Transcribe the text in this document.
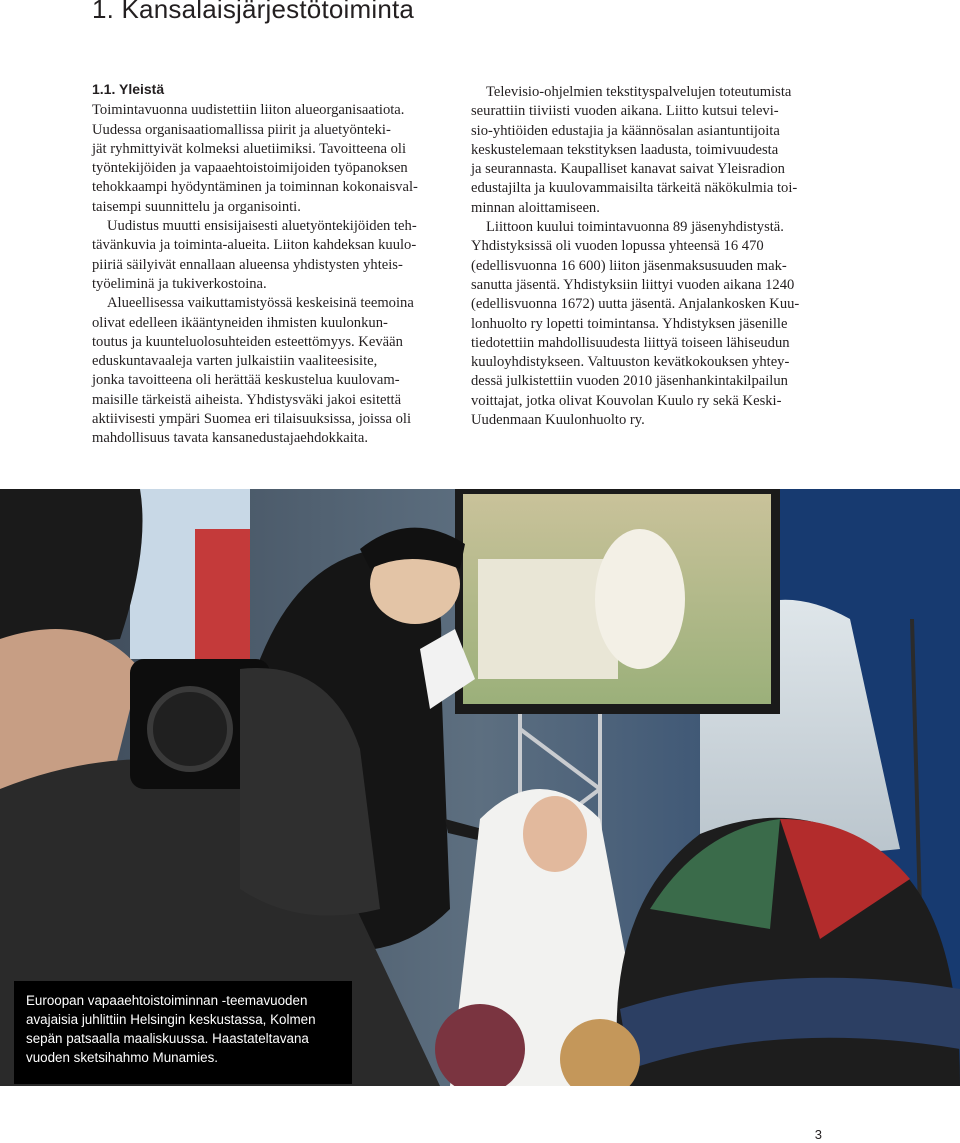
1. Kansalaisjärjestötoiminta
1.1. Yleistä
Toimintavuonna uudistettiin liiton alueorganisaatiota.
Uudessa organisaatiomallissa piirit ja aluetyönteki-
jät ryhmittyivät kolmeksi aluetiimiksi. Tavoitteena oli
työntekijöiden ja vapaaehtoistoimijoiden työpanoksen
tehokkaampi hyödyntäminen ja toiminnan kokonaisval-
taisempi suunnittelu ja organisointi.
Uudistus muutti ensisijaisesti aluetyöntekijöiden teh-
tävänkuvia ja toiminta-alueita. Liiton kahdeksan kuulo-
piiriä säilyivät ennallaan alueensa yhdistysten yhteis-
työeliminä ja tukiverkostoina.
Alueellisessa vaikuttamistyössä keskeisinä teemoina
olivat edelleen ikääntyneiden ihmisten kuulonkun-
toutus ja kuunteluolosuhteiden esteettömyys. Kevään
eduskuntavaaleja varten julkaistiin vaaliteesisite,
jonka tavoitteena oli herättää keskustelua kuulovam-
maisille tärkeistä aiheista. Yhdistysväki jakoi esitettä
aktiivisesti ympäri Suomea eri tilaisuuksissa, joissa oli
mahdollisuus tavata kansanedustajaehdokkaita.
Televisio-ohjelmien tekstityspalvelujen toteutumista
seurattiin tiiviisti vuoden aikana. Liitto kutsui televi-
sio-yhtiöiden edustajia ja käännösalan asiantuntijoita
keskustelemaan tekstityksen laadusta, toimivuudesta
ja seurannasta. Kaupalliset kanavat saivat Yleisradion
edustajilta ja kuulovammaisilta tärkeitä näkökulmia toi-
minnan aloittamiseen.
Liittoon kuului toimintavuonna 89 jäsenyhdistystä.
Yhdistyksissä oli vuoden lopussa yhteensä 16 470
(edellisvuonna 16 600) liiton jäsenmaksusuuden mak-
sanutta jäsentä. Yhdistyksiin liittyi vuoden aikana 1240
(edellisvuonna 1672) uutta jäsentä. Anjalankosken Kuu-
lonhuolto ry lopetti toimintansa. Yhdistyksen jäsenille
tiedotettiin mahdollisuudesta liittyä toiseen lähiseudun
kuuloyhdistykseen. Valtuuston kevätkokouksen yhtey-
dessä julkistettiin vuoden 2010 jäsenhankintakilpailun
voittajat, jotka olivat Kouvolan Kuulo ry sekä Keski-
Uudenmaan Kuulonhuolto ry.
Euroopan vapaaehtoistoiminnan -teemavuoden
avajaisia juhlittiin Helsingin keskustassa, Kolmen
sepän patsaalla maaliskuussa. Haastateltavana
vuoden sketsihahmo Munamies.
3
